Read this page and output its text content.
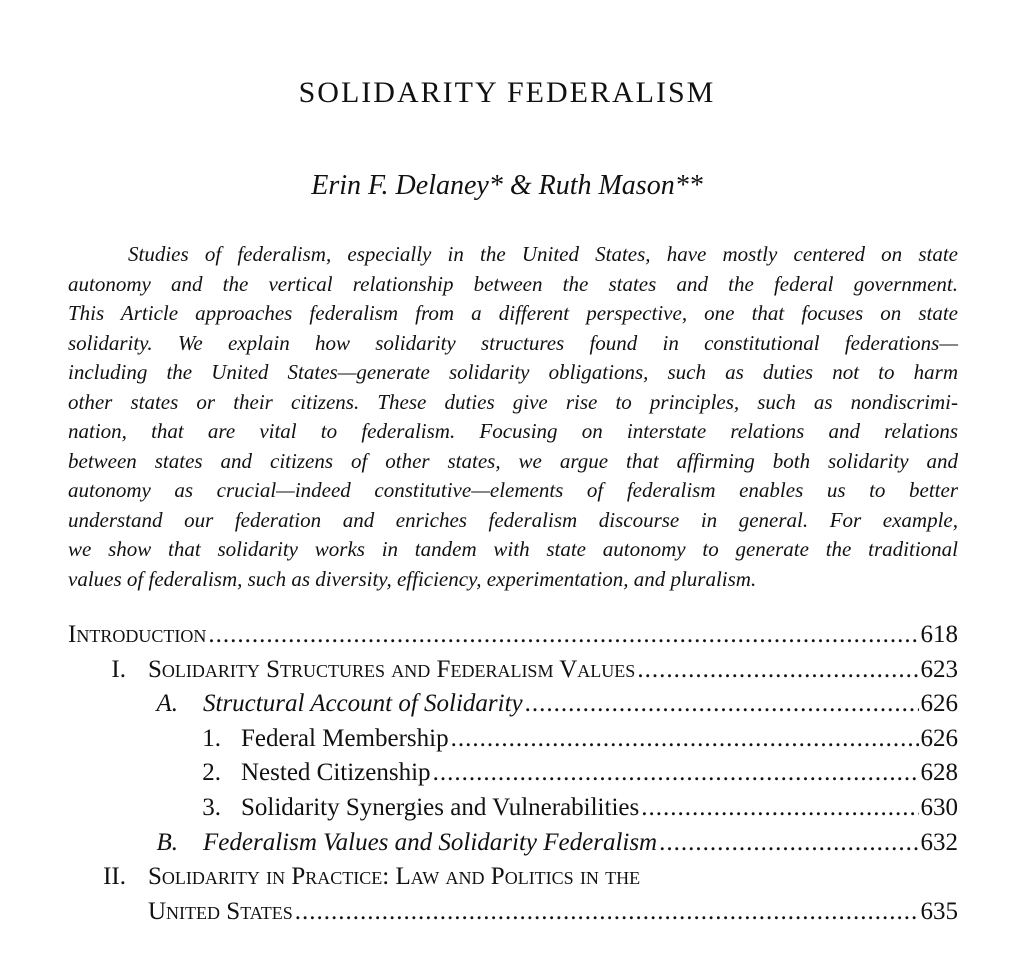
SOLIDARITY FEDERALISM

Erin F. Delaney* & Ruth Mason**

Studies of federalism, especially in the United States, have mostly centered on state
autonomy and the vertical relationship between the states and the federal government.
This Article approaches federalism from a different perspective, one that focuses on state
solidarity. We explain how solidarity structures found in constitutional federations—
including the United States—generate solidarity obligations, such as duties not to harm
other states or their citizens. These duties give rise to principles, such as nondiscrimi-
nation, that are vital to federalism. Focusing on interstate relations and relations
between states and citizens of other states, we argue that affirming both solidarity and
autonomy as crucial—indeed constitutive—elements of federalism enables us to better
understand our federation and enriches federalism discourse in general. For example,
we show that solidarity works in tandem with state autonomy to generate the traditional
values of federalism, such as diversity, efficiency, experimentation, and pluralism.
Introduction .....	618
I. Solidarity Structures and Federalism Values .....	623
A. Structural Account of Solidarity .....	626
1. Federal Membership .....	626
2. Nested Citizenship .....	628
3. Solidarity Synergies and Vulnerabilities .....	630
B. Federalism Values and Solidarity Federalism .....	632
II. Solidarity in Practice: Law and Politics in the
United States .....	635
